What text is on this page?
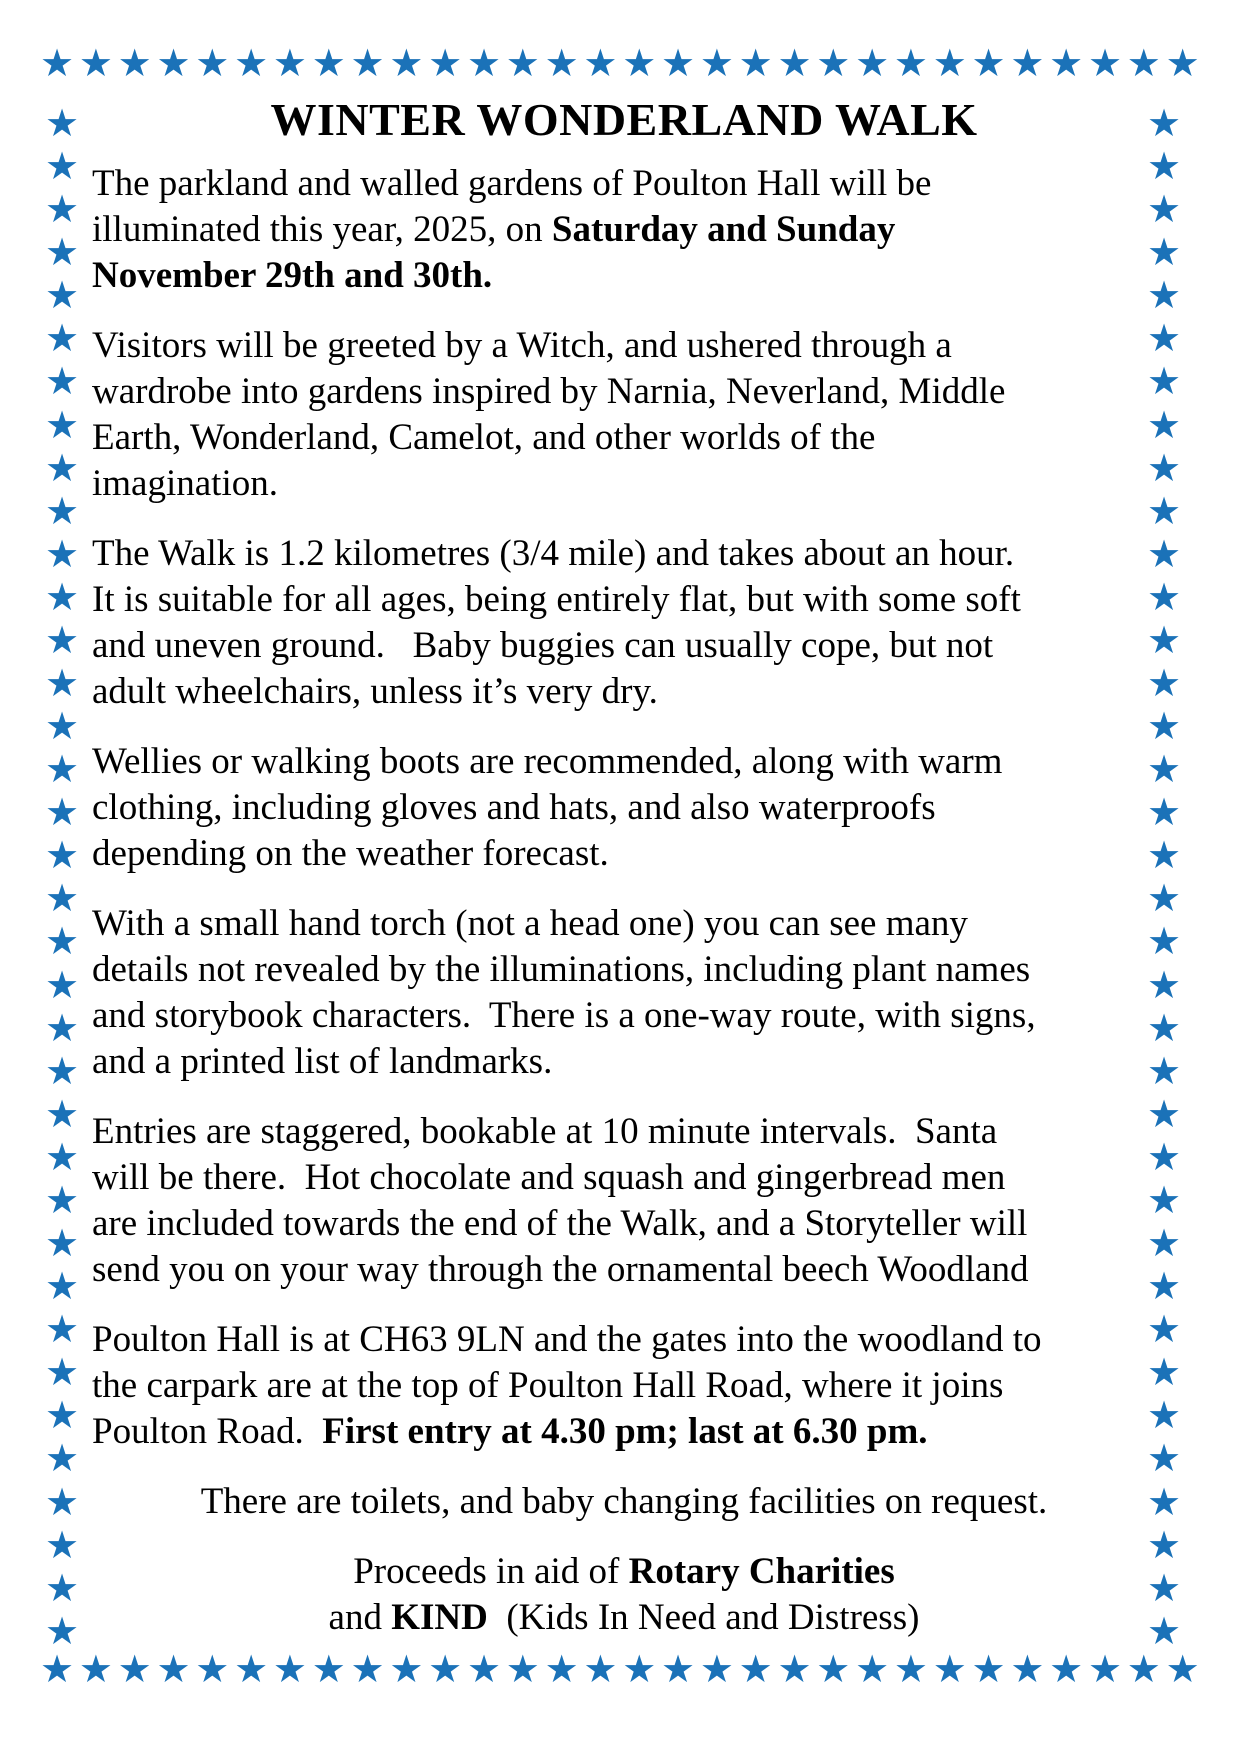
★ ★ ★ ★ ★ ★ ★ ★ ★ ★ ★ ★ ★ ★ ★ ★ ★ ★ ★ ★ ★ ★ ★ ★ ★ ★ ★ ★ ★ ★
★
★
★
★
★
★
★
★
★
★
★
★
★
★
★
★
★
★
★
★
★
★
★
★
★
★
★
★
★
★
★
★
★
★
★
★
★
★
★
★
★
★
★
★
★
★
★
★
★
★
★
★
★
★
★
★
★
★
★
★
★
★
★
★
★
★
★
★
★
★
★
★
★ ★ ★ ★ ★ ★ ★ ★ ★ ★ ★ ★ ★ ★ ★ ★ ★ ★ ★ ★ ★ ★ ★ ★ ★ ★ ★ ★ ★ ★
WINTER WONDERLAND WALK
The parkland and walled gardens of Poulton Hall will be
illuminated this year, 2025, on Saturday and Sunday
November 29th and 30th.
Visitors will be greeted by a Witch, and ushered through a
wardrobe into gardens inspired by Narnia, Neverland, Middle
Earth, Wonderland, Camelot, and other worlds of the
imagination.
The Walk is 1.2 kilometres (3/4 mile) and takes about an hour.
It is suitable for all ages, being entirely flat, but with some soft
and uneven ground.   Baby buggies can usually cope, but not
adult wheelchairs, unless it’s very dry.
Wellies or walking boots are recommended, along with warm
clothing, including gloves and hats, and also waterproofs
depending on the weather forecast.
With a small hand torch (not a head one) you can see many
details not revealed by the illuminations, including plant names
and storybook characters.  There is a one-way route, with signs,
and a printed list of landmarks.
Entries are staggered, bookable at 10 minute intervals.  Santa
will be there.  Hot chocolate and squash and gingerbread men
are included towards the end of the Walk, and a Storyteller will
send you on your way through the ornamental beech Woodland
Poulton Hall is at CH63 9LN and the gates into the woodland to
the carpark are at the top of Poulton Hall Road, where it joins
Poulton Road.  First entry at 4.30 pm; last at 6.30 pm.
There are toilets, and baby changing facilities on request.
Proceeds in aid of Rotary Charities
and KIND  (Kids In Need and Distress)
